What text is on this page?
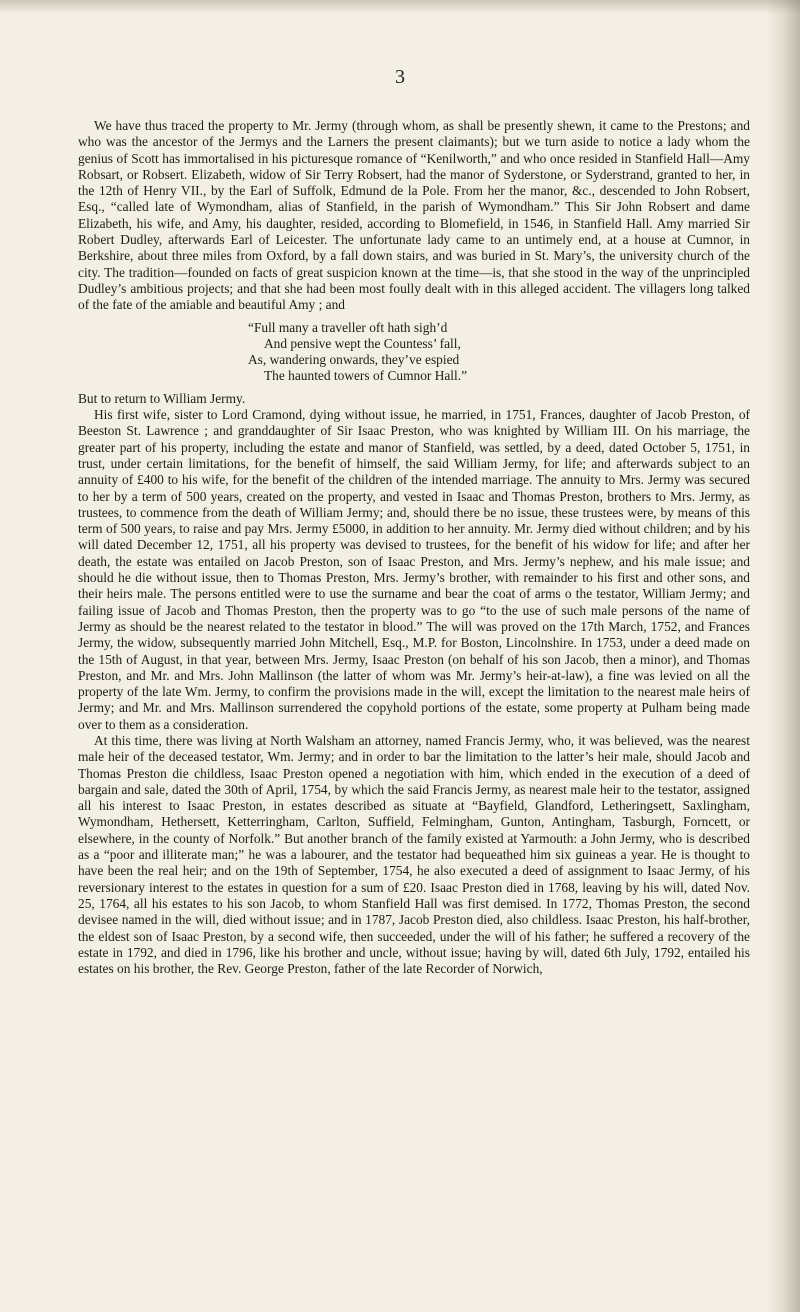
3

We have thus traced the property to Mr. Jermy (through whom, as shall be presently shewn, it came to the Prestons; and who was the ancestor of the Jermys and the Larners the present claimants); but we turn aside to notice a lady whom the genius of Scott has immortalised in his picturesque romance of “Kenilworth,” and who once resided in Stanfield Hall—Amy Robsart, or Robsert. Elizabeth, widow of Sir Terry Robsert, had the manor of Syderstone, or Syderstrand, granted to her, in the 12th of Henry VII., by the Earl of Suffolk, Edmund de la Pole. From her the manor, &c., descended to John Robsert, Esq., “called late of Wymondham, alias of Stanfield, in the parish of Wymondham.” This Sir John Robsert and dame Elizabeth, his wife, and Amy, his daughter, resided, according to Blomefield, in 1546, in Stanfield Hall. Amy married Sir Robert Dudley, afterwards Earl of Leicester. The unfortunate lady came to an untimely end, at a house at Cumnor, in Berkshire, about three miles from Oxford, by a fall down stairs, and was buried in St. Mary’s, the university church of the city. The tradition—founded on facts of great suspicion known at the time—is, that she stood in the way of the unprincipled Dudley’s ambitious projects; and that she had been most foully dealt with in this alleged accident. The villagers long talked of the fate of the amiable and beautiful Amy ; and

“Full many a traveller oft hath sigh’d
And pensive wept the Countess’ fall,
As, wandering onwards, they’ve espied
The haunted towers of Cumnor Hall.”

But to return to William Jermy.

His first wife, sister to Lord Cramond, dying without issue, he married, in 1751, Frances, daughter of Jacob Preston, of Beeston St. Lawrence ; and granddaughter of Sir Isaac Preston, who was knighted by William III. On his marriage, the greater part of his property, including the estate and manor of Stanfield, was settled, by a deed, dated October 5, 1751, in trust, under certain limitations, for the benefit of himself, the said William Jermy, for life; and afterwards subject to an annuity of £400 to his wife, for the benefit of the children of the intended marriage. The annuity to Mrs. Jermy was secured to her by a term of 500 years, created on the property, and vested in Isaac and Thomas Preston, brothers to Mrs. Jermy, as trustees, to commence from the death of William Jermy; and, should there be no issue, these trustees were, by means of this term of 500 years, to raise and pay Mrs. Jermy £5000, in addition to her annuity. Mr. Jermy died without children; and by his will dated December 12, 1751, all his property was devised to trustees, for the benefit of his widow for life; and after her death, the estate was entailed on Jacob Preston, son of Isaac Preston, and Mrs. Jermy’s nephew, and his male issue; and should he die without issue, then to Thomas Preston, Mrs. Jermy’s brother, with remainder to his first and other sons, and their heirs male. The persons entitled were to use the surname and bear the coat of arms o the testator, William Jermy; and failing issue of Jacob and Thomas Preston, then the property was to go “to the use of such male persons of the name of Jermy as should be the nearest related to the testator in blood.” The will was proved on the 17th March, 1752, and Frances Jermy, the widow, subsequently married John Mitchell, Esq., M.P. for Boston, Lincolnshire. In 1753, under a deed made on the 15th of August, in that year, between Mrs. Jermy, Isaac Preston (on behalf of his son Jacob, then a minor), and Thomas Preston, and Mr. and Mrs. John Mallinson (the latter of whom was Mr. Jermy’s heir-at-law), a fine was levied on all the property of the late Wm. Jermy, to confirm the provisions made in the will, except the limitation to the nearest male heirs of Jermy; and Mr. and Mrs. Mallinson surrendered the copyhold portions of the estate, some property at Pulham being made over to them as a consideration.

At this time, there was living at North Walsham an attorney, named Francis Jermy, who, it was believed, was the nearest male heir of the deceased testator, Wm. Jermy; and in order to bar the limitation to the latter’s heir male, should Jacob and Thomas Preston die childless, Isaac Preston opened a negotiation with him, which ended in the execution of a deed of bargain and sale, dated the 30th of April, 1754, by which the said Francis Jermy, as nearest male heir to the testator, assigned all his interest to Isaac Preston, in estates described as situate at “Bayfield, Glandford, Letheringsett, Saxlingham, Wymondham, Hethersett, Ketterringham, Carlton, Suffield, Felmingham, Gunton, Antingham, Tasburgh, Forncett, or elsewhere, in the county of Norfolk.” But another branch of the family existed at Yarmouth: a John Jermy, who is described as a “poor and illiterate man;” he was a labourer, and the testator had bequeathed him six guineas a year. He is thought to have been the real heir; and on the 19th of September, 1754, he also executed a deed of assignment to Isaac Jermy, of his reversionary interest to the estates in question for a sum of £20. Isaac Preston died in 1768, leaving by his will, dated Nov. 25, 1764, all his estates to his son Jacob, to whom Stanfield Hall was first demised. In 1772, Thomas Preston, the second devisee named in the will, died without issue; and in 1787, Jacob Preston died, also childless. Isaac Preston, his half-brother, the eldest son of Isaac Preston, by a second wife, then succeeded, under the will of his father; he suffered a recovery of the estate in 1792, and died in 1796, like his brother and uncle, without issue; having by will, dated 6th July, 1792, entailed his estates on his brother, the Rev. George Preston, father of the late Recorder of Norwich,
